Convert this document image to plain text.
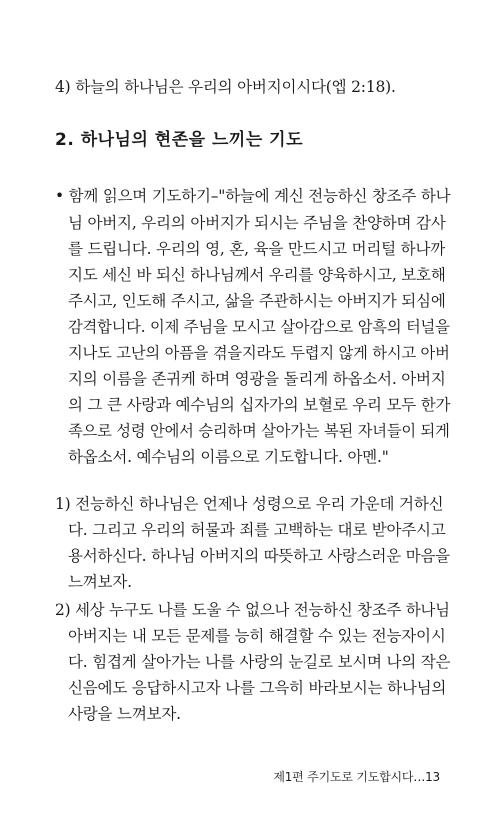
4) 하늘의 하나님은 우리의 아버지이시다(엡 2:18).
2. 하나님의 현존을 느끼는 기도
• 함께 읽으며 기도하기–"하늘에 계신 전능하신 창조주 하나
님 아버지, 우리의 아버지가 되시는 주님을 찬양하며 감사
를 드립니다. 우리의 영, 혼, 육을 만드시고 머리털 하나까
지도 세신 바 되신 하나님께서 우리를 양육하시고, 보호해
주시고, 인도해 주시고, 삶을 주관하시는 아버지가 되심에
감격합니다. 이제 주님을 모시고 살아감으로 암흑의 터널을
지나도 고난의 아픔을 겪을지라도 두렵지 않게 하시고 아버
지의 이름을 존귀케 하며 영광을 돌리게 하옵소서. 아버지
의 그 큰 사랑과 예수님의 십자가의 보혈로 우리 모두 한가
족으로 성령 안에서 승리하며 살아가는 복된 자녀들이 되게
하옵소서. 예수님의 이름으로 기도합니다. 아멘."
1) 전능하신 하나님은 언제나 성령으로 우리 가운데 거하신
다. 그리고 우리의 허물과 죄를 고백하는 대로 받아주시고
용서하신다. 하나님 아버지의 따뜻하고 사랑스러운 마음을
느껴보자.
2) 세상 누구도 나를 도울 수 없으나 전능하신 창조주 하나님
아버지는 내 모든 문제를 능히 해결할 수 있는 전능자이시
다. 힘겹게 살아가는 나를 사랑의 눈길로 보시며 나의 작은
신음에도 응답하시고자 나를 그윽히 바라보시는 하나님의
사랑을 느껴보자.
제1편 주기도로 기도합시다…13
